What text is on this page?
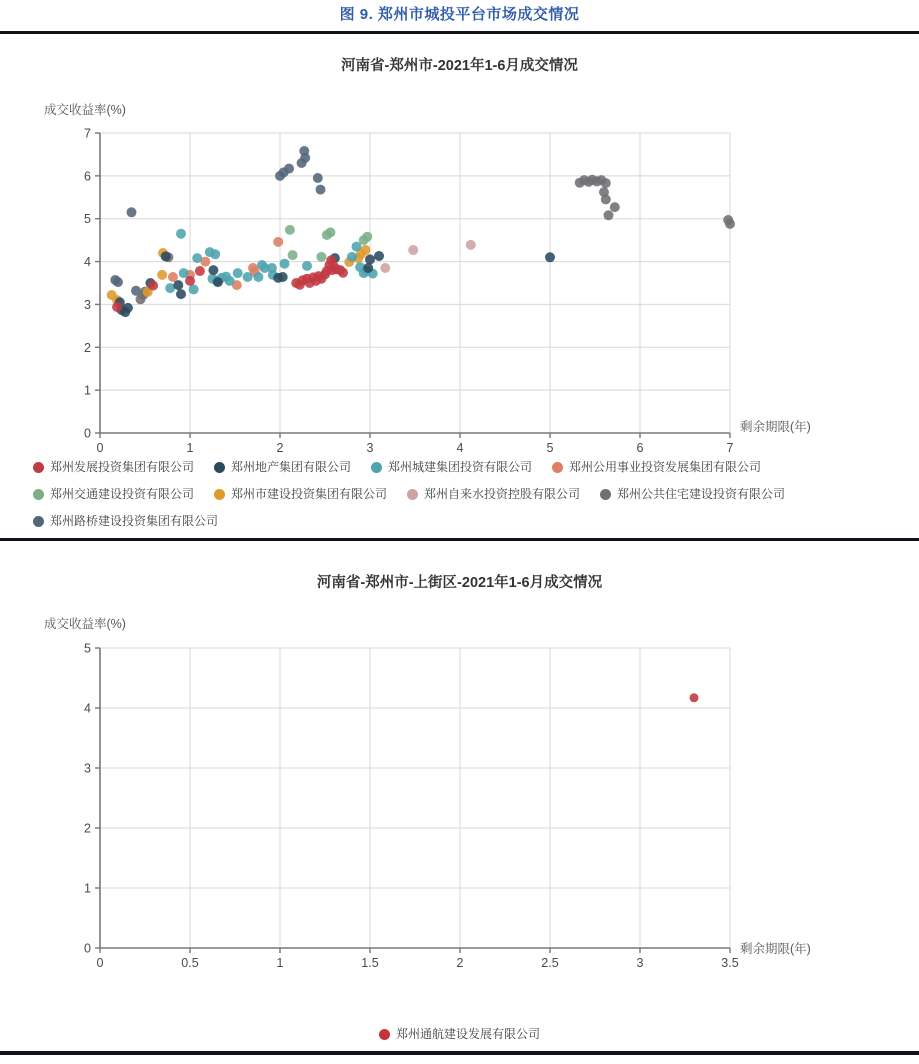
图 9. 郑州市城投平台市场成交情况
河南省-郑州市-2021年1-6月成交情况
成交收益率(%)
0	1	2	3	4	5	6	7
0
1
2
3
4
5
6
7
剩余期限(年)
郑州发展投资集团有限公司	郑州地产集团有限公司	郑州城建集团投资有限公司	郑州公用事业投资发展集团有限公司
郑州交通建设投资有限公司	郑州市建设投资集团有限公司	郑州自来水投资控股有限公司	郑州公共住宅建设投资有限公司
郑州路桥建设投资集团有限公司
河南省-郑州市-上街区-2021年1-6月成交情况
成交收益率(%)
0	0.5	1	1.5	2	2.5	3	3.5
0
1
2
3
4
5
剩余期限(年)
郑州通航建设发展有限公司
